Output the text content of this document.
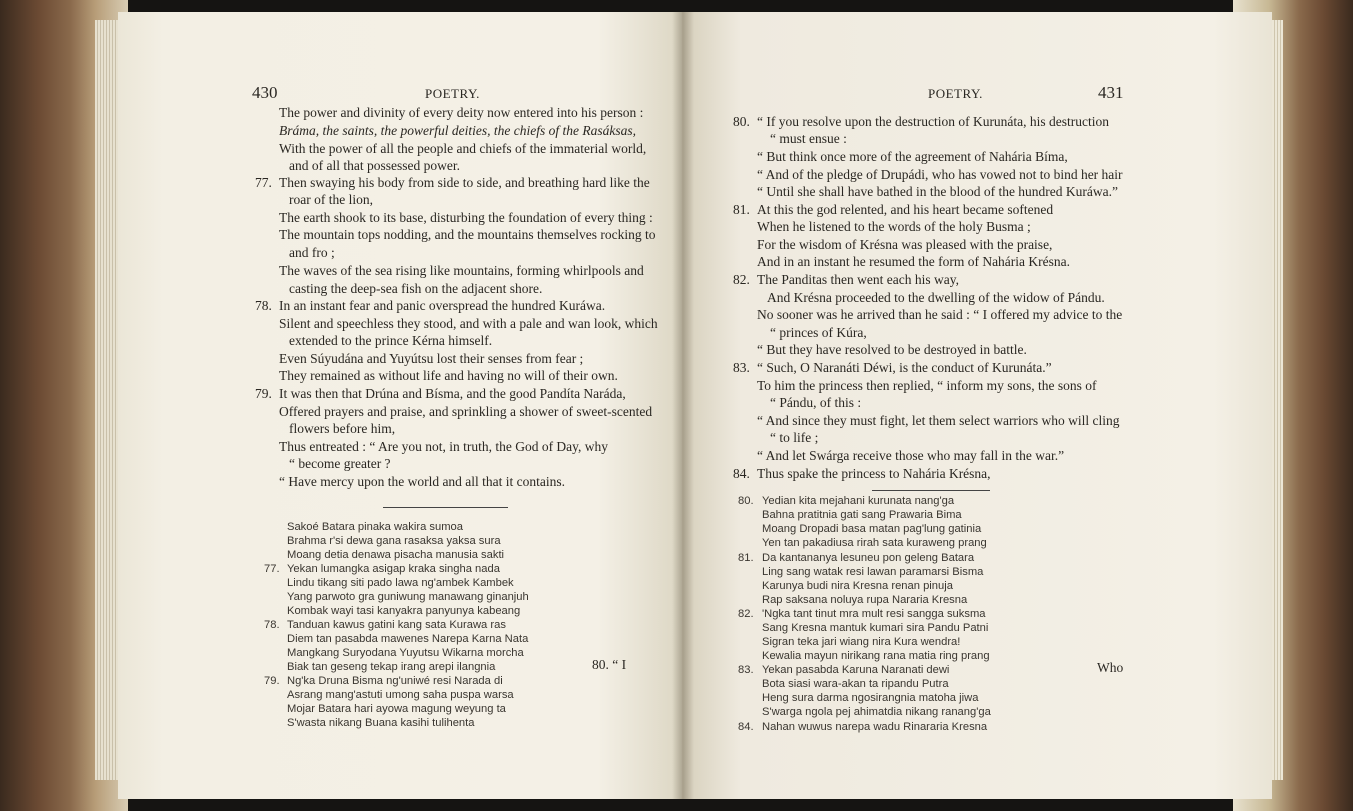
430	POETRY.	POETRY.	431
The power and divinity of every deity now entered into his person :
Bráma, the saints, the powerful deities, the chiefs of the Rasáksas,
With the power of all the people and chiefs of the immaterial world,
and of all that possessed power.
77. Then swaying his body from side to side, and breathing hard like the
roar of the lion,
The earth shook to its base, disturbing the foundation of every thing :
The mountain tops nodding, and the mountains themselves rocking to
and fro ;
The waves of the sea rising like mountains, forming whirlpools and
casting the deep-sea fish on the adjacent shore.
78. In an instant fear and panic overspread the hundred Kuráwa.
Silent and speechless they stood, and with a pale and wan look, which
extended to the prince Kérna himself.
Even Súyudána and Yuyútsu lost their senses from fear ;
They remained as without life and having no will of their own.
79. It was then that Drúna and Bísma, and the good Pandíta Naráda,
Offered prayers and praise, and sprinkling a shower of sweet-scented
flowers before him,
Thus entreated : “ Are you not, in truth, the God of Day, why
“ become greater ?
“ Have mercy upon the world and all that it contains.
Sakoé Batara pinaka wakira sumoa
Brahma r'si dewa gana rasaksa yaksa sura
Moang detia denawa pisacha manusia sakti
77. Yekan lumangka asigap kraka singha nada
Lindu tikang siti pado lawa ng'ambek Kambek
Yang parwoto gra guniwung manawang ginanjuh
Kombak wayi tasi kanyakra panyunya kabeang
78. Tanduan kawus gatini kang sata Kurawa ras
Diem tan pasabda mawenes Narepa Karna Nata
Mangkang Suryodana Yuyutsu Wikarna morcha
Biak tan geseng tekap irang arepi ilangnia
79. Ng'ka Druna Bisma ng'uniwé resi Narada di
Asrang mang'astuti umong saha puspa warsa
Mojar Batara hari ayowa magung weyung ta
S'wasta nikang Buana kasihi tulihenta
80. “ I
80. “ If you resolve upon the destruction of Kurunáta, his destruction
“ must ensue :
“ But think once more of the agreement of Nahária Bíma,
“ And of the pledge of Drupádi, who has vowed not to bind her hair
“ Until she shall have bathed in the blood of the hundred Kuráwa.”
81. At this the god relented, and his heart became softened
When he listened to the words of the holy Busma ;
For the wisdom of Krésna was pleased with the praise,
And in an instant he resumed the form of Nahária Krésna.
82. The Panditas then went each his way,
And Krésna proceeded to the dwelling of the widow of Pándu.
No sooner was he arrived than he said : “ I offered my advice to the
“ princes of Kúra,
“ But they have resolved to be destroyed in battle.
83. “ Such, O Naranáti Déwi, is the conduct of Kurunáta.”
To him the princess then replied, “ inform my sons, the sons of
“ Pándu, of this :
“ And since they must fight, let them select warriors who will cling
“ to life ;
“ And let Swárga receive those who may fall in the war.”
84. Thus spake the princess to Nahária Krésna,
80. Yedian kita mejahani kurunata nang'ga
Bahna pratitnia gati sang Prawaria Bima
Moang Dropadi basa matan pag'lung gatinia
Yen tan pakadiusa rirah sata kuraweng prang
81. Da kantananya lesuneu pon geleng Batara
Ling sang watak resi lawan paramarsi Bisma
Karunya budi nira Kresna renan pinuja
Rap saksana noluya rupa Nararia Kresna
82. 'Ngka tant tinut mra mult resi sangga suksma
Sang Kresna mantuk kumari sira Pandu Patni
Sigran teka jari wiang nira Kura wendra!
Kewalia mayun nirikang rana matia ring prang
83. Yekan pasabda Karuna Naranati dewi
Bota siasi wara-akan ta ripandu Putra
Heng sura darma ngosirangnia matoha jiwa
S'warga ngola pej ahimatdia nikang ranang'ga
84. Nahan wuwus narepa wadu Rinararia Kresna
Who
